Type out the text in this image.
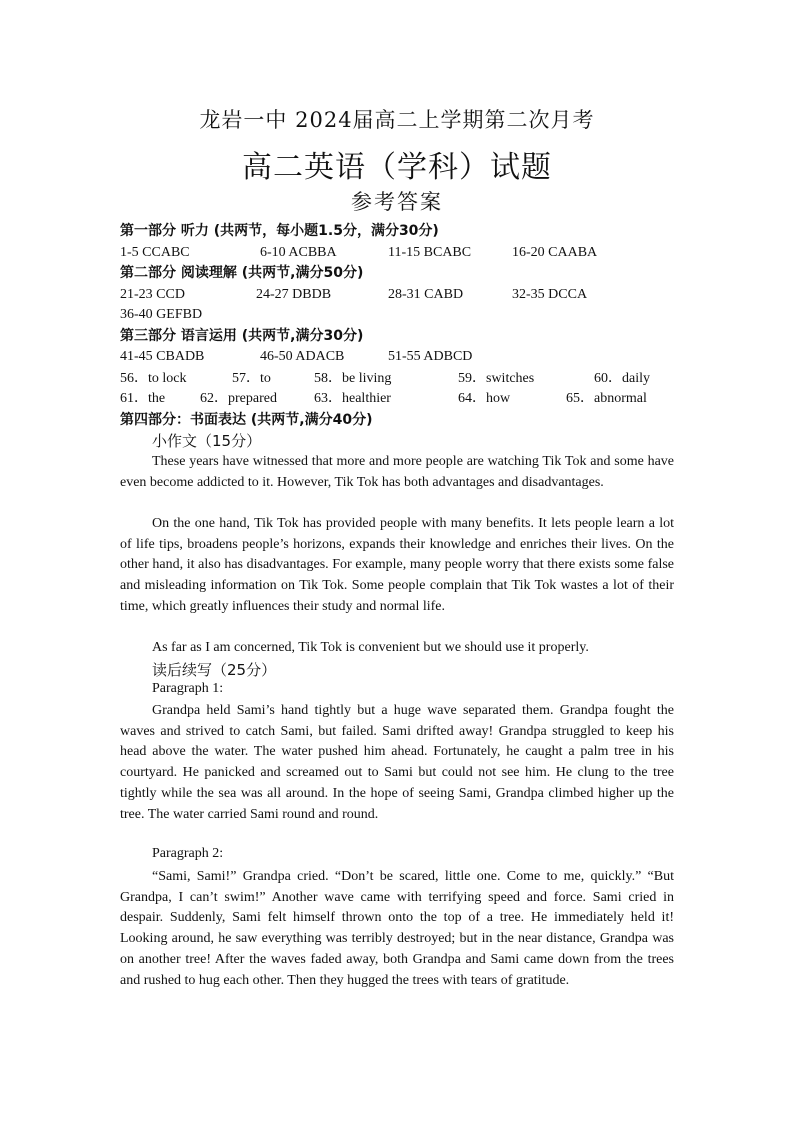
龙岩一中 2024届高二上学期第二次月考
高二英语（学科）试题
参考答案
第一部分 听力 (共两节，每小题1.5分，满分30分)
1-5 CCABC	6-10 ACBBA	11-15 BCABC	16-20 CAABA
第二部分 阅读理解 (共两节,满分50分)
21-23 CCD	24-27 DBDB	28-31 CABD	32-35 DCCA
36-40 GEFBD
第三部分 语言运用 (共两节,满分30分)
41-45 CBADB	46-50 ADACB	51-55 ADBCD
56．to lock	57．to	58．be living	59．switches	60．daily
61．the 62．prepared	63．healthier	64．how	65．abnormal
第四部分：书面表达 (共两节,满分40分)
小作文（15分）

These years have witnessed that more and more people are watching Tik Tok and some have even become addicted to it. However, Tik Tok has both advantages and disadvantages.

On the one hand, Tik Tok has provided people with many benefits. It lets people learn a lot of life tips, broadens people’s horizons, expands their knowledge and enriches their lives. On the other hand, it also has disadvantages. For example, many people worry that there exists some false and misleading information on Tik Tok. Some people complain that Tik Tok wastes a lot of their time, which greatly influences their study and normal life.

As far as I am concerned, Tik Tok is convenient but we should use it properly.

读后续写（25分）
Paragraph 1:

Grandpa held Sami’s hand tightly but a huge wave separated them. Grandpa fought the waves and strived to catch Sami, but failed. Sami drifted away! Grandpa struggled to keep his head above the water. The water pushed him ahead. Fortunately, he caught a palm tree in his courtyard. He panicked and screamed out to Sami but could not see him. He clung to the tree tightly while the sea was all around. In the hope of seeing Sami, Grandpa climbed higher up the tree. The water carried Sami round and round.

Paragraph 2:

“Sami, Sami!” Grandpa cried. “Don’t be scared, little one. Come to me, quickly.” “But Grandpa, I can’t swim!” Another wave came with terrifying speed and force. Sami cried in despair. Suddenly, Sami felt himself thrown onto the top of a tree. He immediately held it! Looking around, he saw everything was terribly destroyed; but in the near distance, Grandpa was on another tree! After the waves faded away, both Grandpa and Sami came down from the trees and rushed to hug each other. Then they hugged the trees with tears of gratitude.
